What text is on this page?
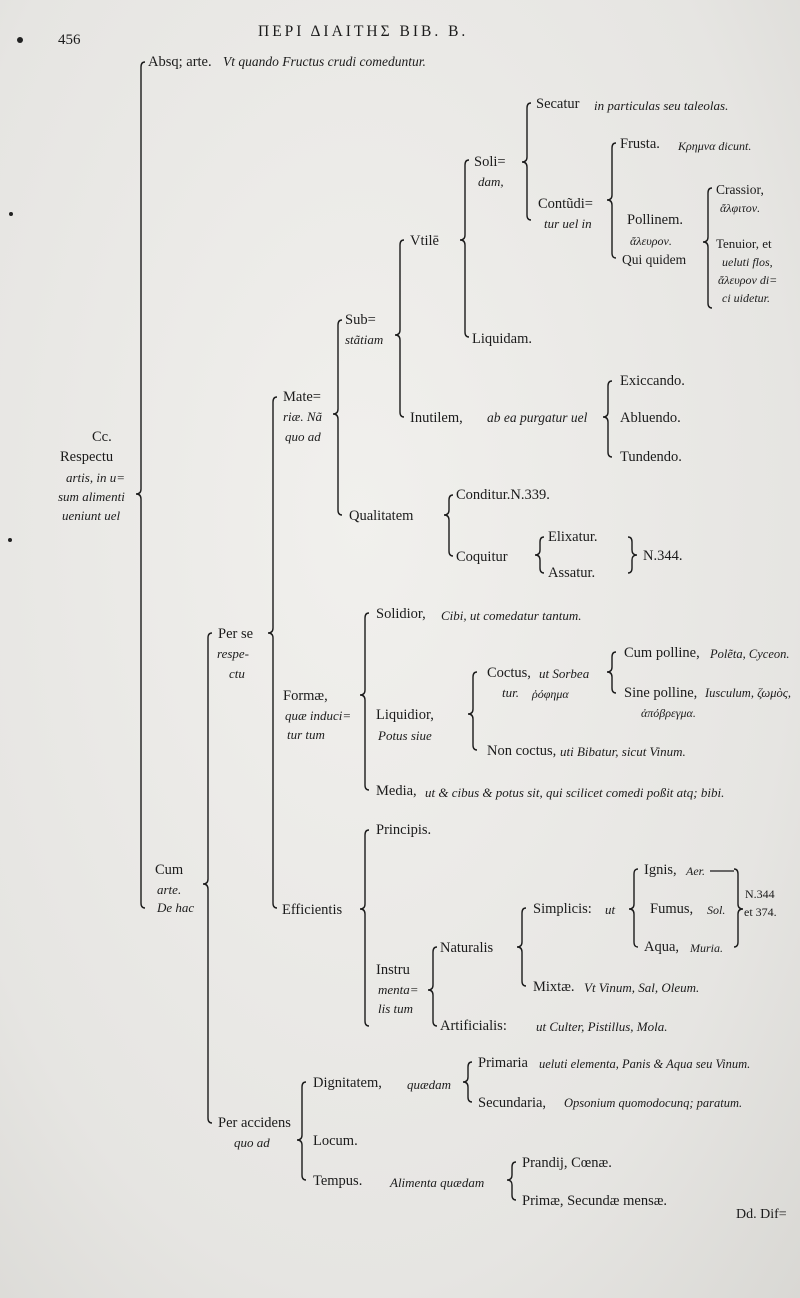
456	ΠΕΡΙ ΔΙΑΙΤΗΣ ΒΙΒ. Β.
Cc.
Respectu
artis, in u=
sum alimenti
ueniunt uel
Absq; arte. Vt quando Fructus crudi comeduntur.
Cum
arte.
De hac
Per se
respe-
ctu
Mate=
riæ. Nã
quo ad
Sub=
stãtiam
Vtilē
Soli=
dam,
Secatur in particulas seu taleolas.
Contũdi=
tur uel in
Frusta. Κρημνα dicunt.
Pollinem.
ἄλευρον.
Qui quidem
Crassior,
ἄλφιτον.
Tenuior, et
ueluti flos,
ἄλευρον di=
ci uidetur.
Liquidam.
Inutilem, ab ea purgatur uel
Exiccando.
Abluendo.
Tundendo.
Qualitatem
Conditur.N.339.
Coquitur
Elixatur.
Assatur.
N.344.
Formæ,
quæ induci=
tur tum
Solidior, Cibi, ut comedatur tantum.
Liquidior,
Potus siue
Coctus, ut Sorbea
tur. ῥόφημα
Cum polline, Polẽta, Cyceon.
Sine polline, Iusculum, ζωμὸς,
ἀπόβρεγμα.
Non coctus, uti Bibatur, sicut Vinum.
Media, ut & cibus & potus sit, qui scilicet comedi poßit atq; bibi.
Efficientis
Principis.
Instru
menta=
lis tum
Naturalis
Simplicis: ut
Ignis, Aer.
Fumus, Sol.
Aqua, Muria.
N.344
et 374.
Mixtæ. Vt Vinum, Sal, Oleum.
Artificialis: ut Culter, Pistillus, Mola.
Per accidens
quo ad
Dignitatem, quædam
Primaria ueluti elementa, Panis & Aqua seu Vinum.
Secundaria, Opsonium quomodocunq; paratum.
Locum.
Tempus. Alimenta quædam
Prandij, Cœnæ.
Primæ, Secundæ mensæ.
Dd. Dif=
